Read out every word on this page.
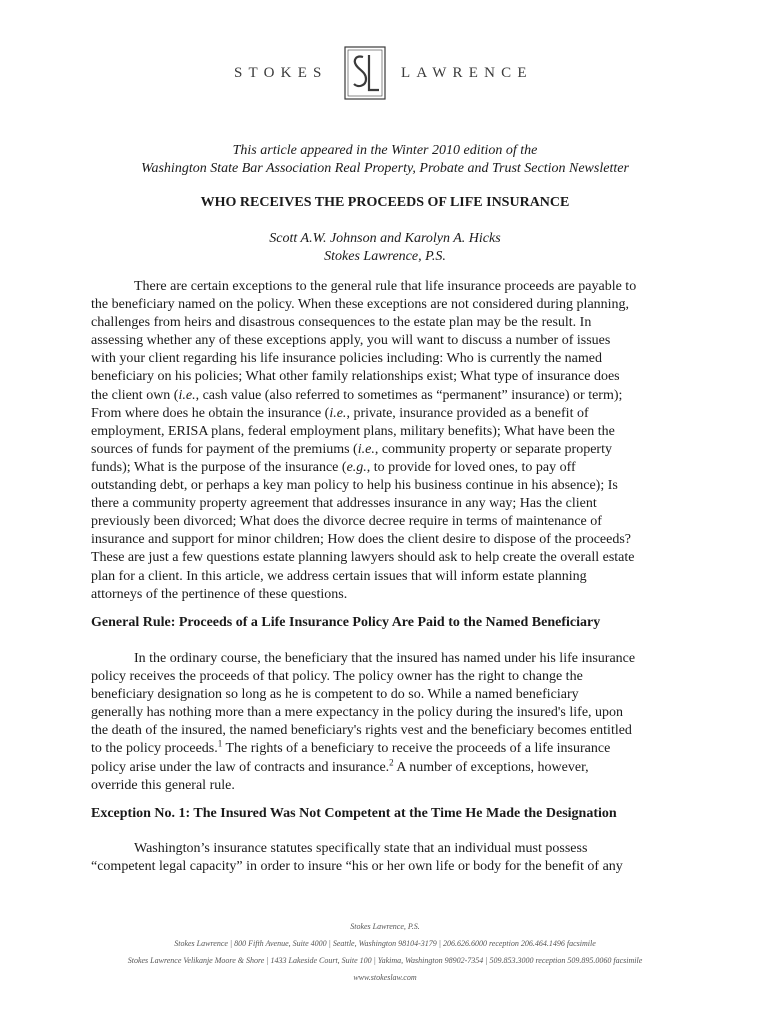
STOKES	LAWRENCE
This article appeared in the Winter 2010 edition of the
Washington State Bar Association Real Property, Probate and Trust Section Newsletter
WHO RECEIVES THE PROCEEDS OF LIFE INSURANCE
Scott A.W. Johnson and Karolyn A. Hicks
Stokes Lawrence, P.S.
There are certain exceptions to the general rule that life insurance proceeds are payable to
the beneficiary named on the policy. When these exceptions are not considered during planning,
challenges from heirs and disastrous consequences to the estate plan may be the result. In
assessing whether any of these exceptions apply, you will want to discuss a number of issues
with your client regarding his life insurance policies including: Who is currently the named
beneficiary on his policies; What other family relationships exist; What type of insurance does
the client own (i.e., cash value (also referred to sometimes as “permanent” insurance) or term);
From where does he obtain the insurance (i.e., private, insurance provided as a benefit of
employment, ERISA plans, federal employment plans, military benefits); What have been the
sources of funds for payment of the premiums (i.e., community property or separate property
funds); What is the purpose of the insurance (e.g., to provide for loved ones, to pay off
outstanding debt, or perhaps a key man policy to help his business continue in his absence); Is
there a community property agreement that addresses insurance in any way; Has the client
previously been divorced; What does the divorce decree require in terms of maintenance of
insurance and support for minor children; How does the client desire to dispose of the proceeds?
These are just a few questions estate planning lawyers should ask to help create the overall estate
plan for a client. In this article, we address certain issues that will inform estate planning
attorneys of the pertinence of these questions.
General Rule: Proceeds of a Life Insurance Policy Are Paid to the Named Beneficiary
In the ordinary course, the beneficiary that the insured has named under his life insurance
policy receives the proceeds of that policy. The policy owner has the right to change the
beneficiary designation so long as he is competent to do so. While a named beneficiary
generally has nothing more than a mere expectancy in the policy during the insured's life, upon
the death of the insured, the named beneficiary's rights vest and the beneficiary becomes entitled
to the policy proceeds.$^1$ The rights of a beneficiary to receive the proceeds of a life insurance
policy arise under the law of contracts and insurance.$^2$ A number of exceptions, however,
override this general rule.
Exception No. 1: The Insured Was Not Competent at the Time He Made the Designation
Washington’s insurance statutes specifically state that an individual must possess
“competent legal capacity” in order to insure “his or her own life or body for the benefit of any
Stokes Lawrence, P.S.
Stokes Lawrence | 800 Fifth Avenue, Suite 4000 | Seattle, Washington 98104-3179 | 206.626.6000 reception 206.464.1496 facsimile
Stokes Lawrence Velikanje Moore & Shore | 1433 Lakeside Court, Suite 100 | Yakima, Washington 98902-7354 | 509.853.3000 reception 509.895.0060 facsimile
www.stokeslaw.com
